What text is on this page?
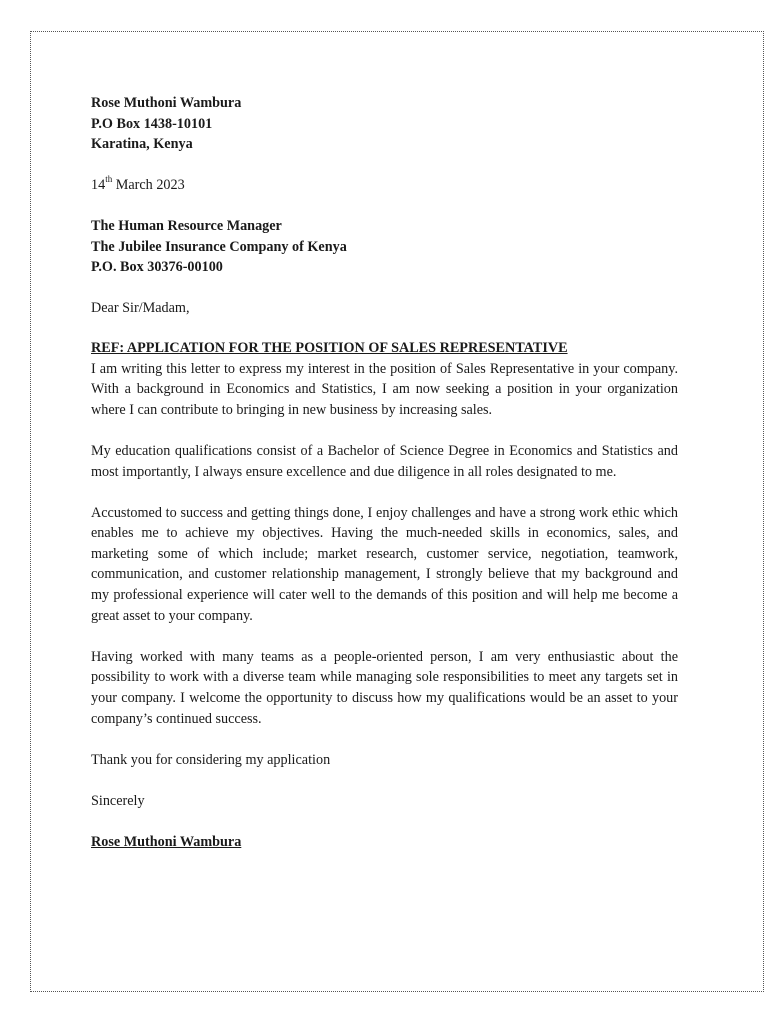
Rose Muthoni Wambura
P.O Box 1438-10101
Karatina, Kenya

14th March 2023

The Human Resource Manager
The Jubilee Insurance Company of Kenya
P.O. Box 30376-00100

Dear Sir/Madam,

REF: APPLICATION FOR THE POSITION OF SALES REPRESENTATIVE

I am writing this letter to express my interest in the position of Sales Representative in your company. With a background in Economics and Statistics, I am now seeking a position in your organization where I can contribute to bringing in new business by increasing sales.

My education qualifications consist of a Bachelor of Science Degree in Economics and Statistics and most importantly, I always ensure excellence and due diligence in all roles designated to me.

Accustomed to success and getting things done, I enjoy challenges and have a strong work ethic which enables me to achieve my objectives. Having the much-needed skills in economics, sales, and marketing some of which include; market research, customer service, negotiation, teamwork, communication, and customer relationship management, I strongly believe that my background and my professional experience will cater well to the demands of this position and will help me become a great asset to your company.

Having worked with many teams as a people-oriented person, I am very enthusiastic about the possibility to work with a diverse team while managing sole responsibilities to meet any targets set in your company. I welcome the opportunity to discuss how my qualifications would be an asset to your company’s continued success.

Thank you for considering my application

Sincerely

Rose Muthoni Wambura
